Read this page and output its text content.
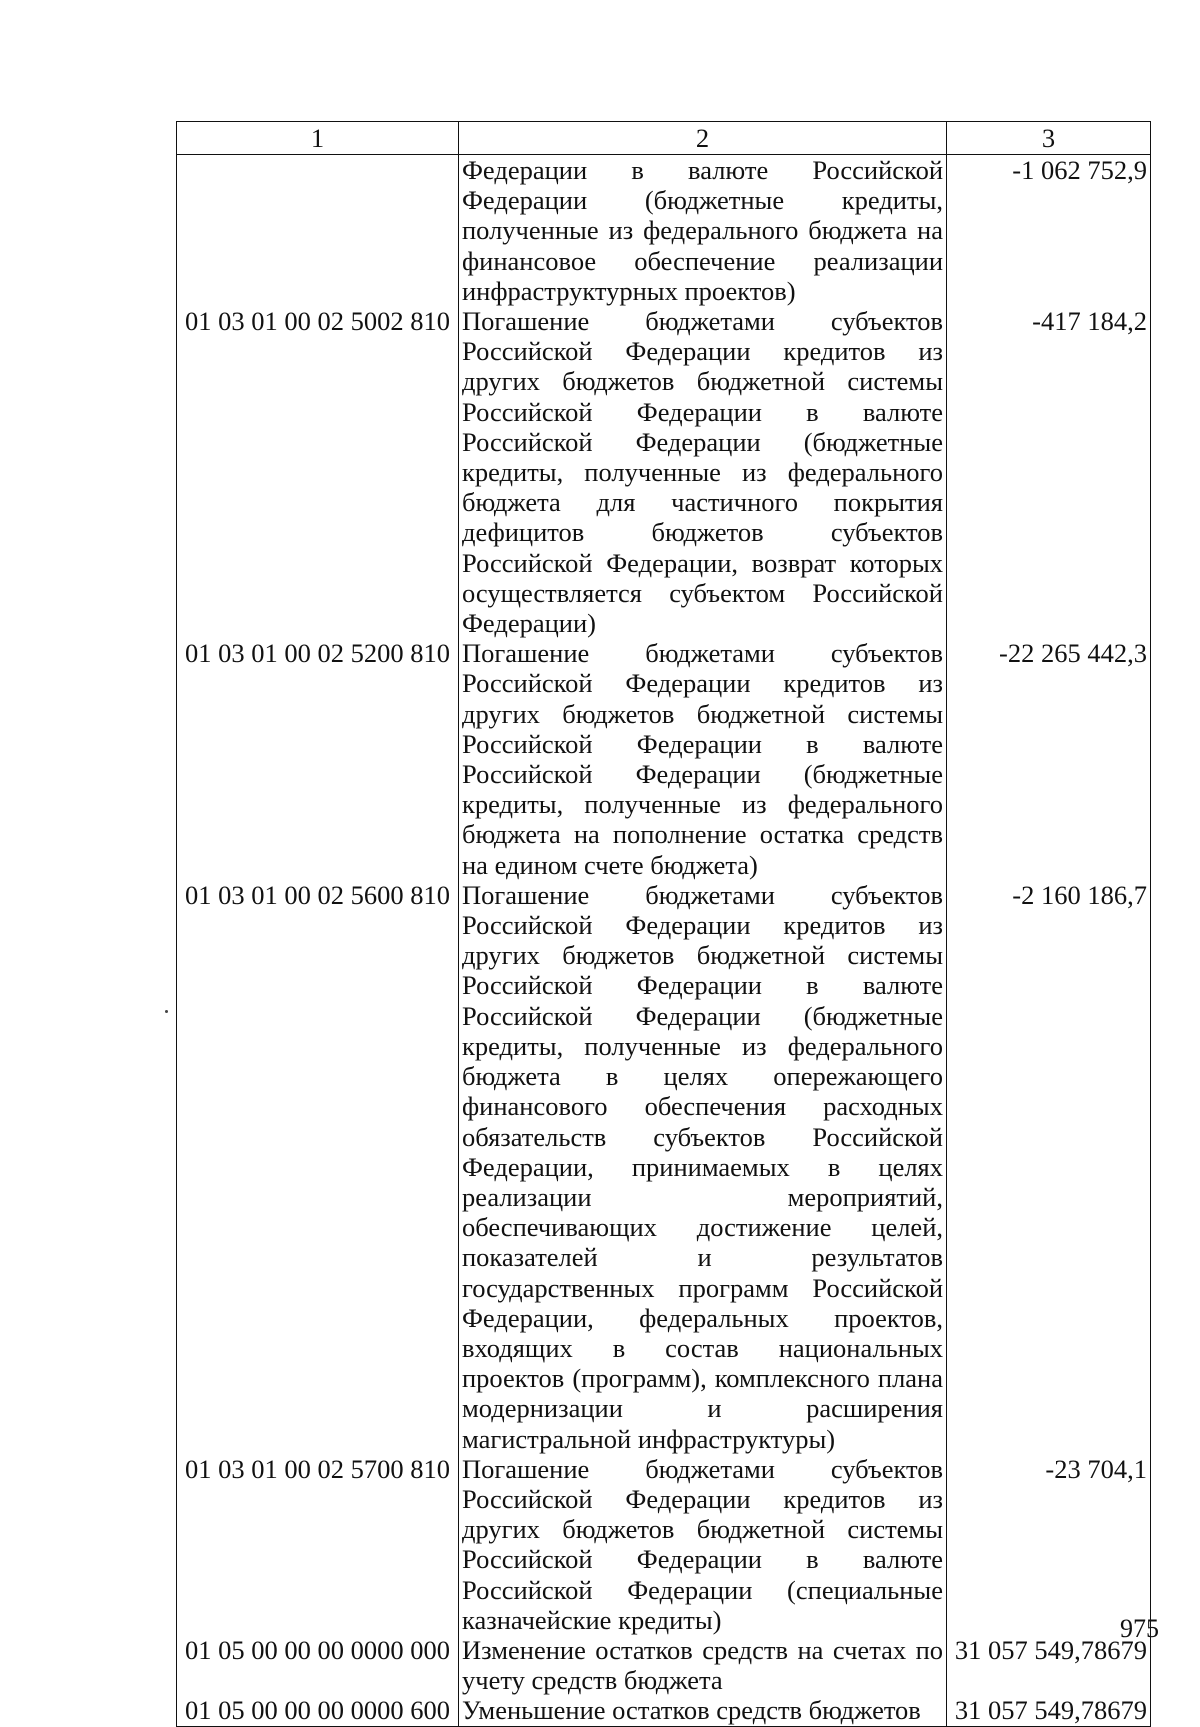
1	2	3
	Федерации в валюте Российской Федерации (бюджетные кредиты, полученные из федерального бюджета на финансовое обеспечение реализации инфраструктурных проектов)	-1 062 752,9
01 03 01 00 02 5002 810	Погашение бюджетами субъектов Российской Федерации кредитов из других бюджетов бюджетной системы Российской Федерации в валюте Российской Федерации (бюджетные кредиты, полученные из федерального бюджета для частичного покрытия дефицитов бюджетов субъектов Российской Федерации, возврат которых осуществляется субъектом Российской Федерации)	-417 184,2
01 03 01 00 02 5200 810	Погашение бюджетами субъектов Российской Федерации кредитов из других бюджетов бюджетной системы Российской Федерации в валюте Российской Федерации (бюджетные кредиты, полученные из федерального бюджета на пополнение остатка средств на едином счете бюджета)	-22 265 442,3
01 03 01 00 02 5600 810	Погашение бюджетами субъектов Российской Федерации кредитов из других бюджетов бюджетной системы Российской Федерации в валюте Российской Федерации (бюджетные кредиты, полученные из федерального бюджета в целях опережающего финансового обеспечения расходных обязательств субъектов Российской Федерации, принимаемых в целях реализации мероприятий, обеспечивающих достижение целей, показателей и результатов государственных программ Российской Федерации, федеральных проектов, входящих в состав национальных проектов (программ), комплексного плана модернизации и расширения магистральной инфраструктуры)	-2 160 186,7
01 03 01 00 02 5700 810	Погашение бюджетами субъектов Российской Федерации кредитов из других бюджетов бюджетной системы Российской Федерации в валюте Российской Федерации (специальные казначейские кредиты)	-23 704,1
01 05 00 00 00 0000 000	Изменение остатков средств на счетах по учету средств бюджета	31 057 549,78679
01 05 00 00 00 0000 600	Уменьшение остатков средств бюджетов	31 057 549,78679
975
